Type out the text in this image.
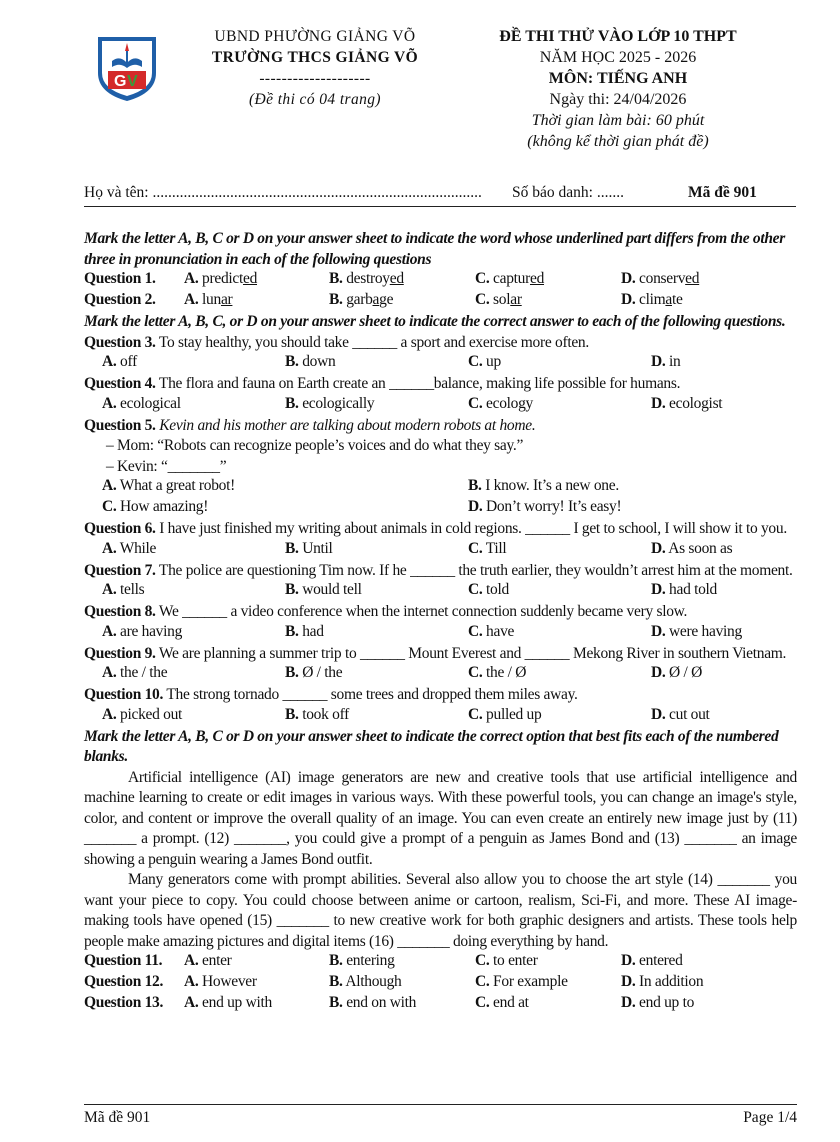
G V
UBND PHƯỜNG GIẢNG VÕ
TRƯỜNG THCS GIẢNG VÕ
--------------------
(Đề thi có 04 trang)
ĐỀ THI THỬ VÀO LỚP 10 THPT
NĂM HỌC 2025 - 2026
MÔN: TIẾNG ANH
Ngày thi: 24/04/2026
Thời gian làm bài: 60 phút
(không kể thời gian phát đề)
Họ và tên: ..................................................................................... Số báo danh: .......	Mã đề 901

Mark the letter A, B, C or D on your answer sheet to indicate the word whose underlined part differs from the other three in pronunciation in each of the following questions

Question 1. A. predicted	B. destroyed	C. captured	D. conserved
Question 2. A. lunar	B. garbage	C. solar	D. climate

Mark the letter A, B, C, or D on your answer sheet to indicate the correct answer to each of the following questions.

Question 3. To stay healthy, you should take ______ a sport and exercise more often.

A. off	B. down	C. up	D. in

Question 4. The flora and fauna on Earth create an ______balance, making life possible for humans.

A. ecological	B. ecologically	C. ecology	D. ecologist

Question 5. Kevin and his mother are talking about modern robots at home.

– Mom: “Robots can recognize people’s voices and do what they say.”

– Kevin: “_______”

A. What a great robot!	B. I know. It’s a new one.
C. How amazing!	D. Don’t worry! It’s easy!

Question 6. I have just finished my writing about animals in cold regions. ______ I get to school, I will show it to you.

A. While	B. Until	C. Till	D. As soon as

Question 7. The police are questioning Tim now. If he ______ the truth earlier, they wouldn’t arrest him at the moment.

A. tells	B. would tell	C. told	D. had told

Question 8. We ______ a video conference when the internet connection suddenly became very slow.

A. are having	B. had	C. have	D. were having

Question 9. We are planning a summer trip to ______ Mount Everest and ______ Mekong River in southern Vietnam.

A. the / the	B. Ø / the	C. the / Ø	D. Ø / Ø

Question 10. The strong tornado ______ some trees and dropped them miles away.

A. picked out	B. took off	C. pulled up	D. cut out

Mark the letter A, B, C or D on your answer sheet to indicate the correct option that best fits each of the numbered blanks.

Artificial intelligence (AI) image generators are new and creative tools that use artificial intelligence and machine learning to create or edit images in various ways. With these powerful tools, you can change an image's style, color, and content or improve the overall quality of an image. You can even create an entirely new image just by (11) _______ a prompt. (12) _______, you could give a prompt of a penguin as James Bond and (13) _______ an image showing a penguin wearing a James Bond outfit.

Many generators come with prompt abilities. Several also allow you to choose the art style (14) _______ you want your piece to copy. You could choose between anime or cartoon, realism, Sci-Fi, and more. These AI image-making tools have opened (15) _______ to new creative work for both graphic designers and artists. These tools help people make amazing pictures and digital items (16) _______ doing everything by hand.

Question 11. A. enter	B. entering	C. to enter	D. entered
Question 12. A. However	B. Although	C. For example	D. In addition
Question 13. A. end up with	B. end on with	C. end at	D. end up to
Mã đề 901	Page 1/4
